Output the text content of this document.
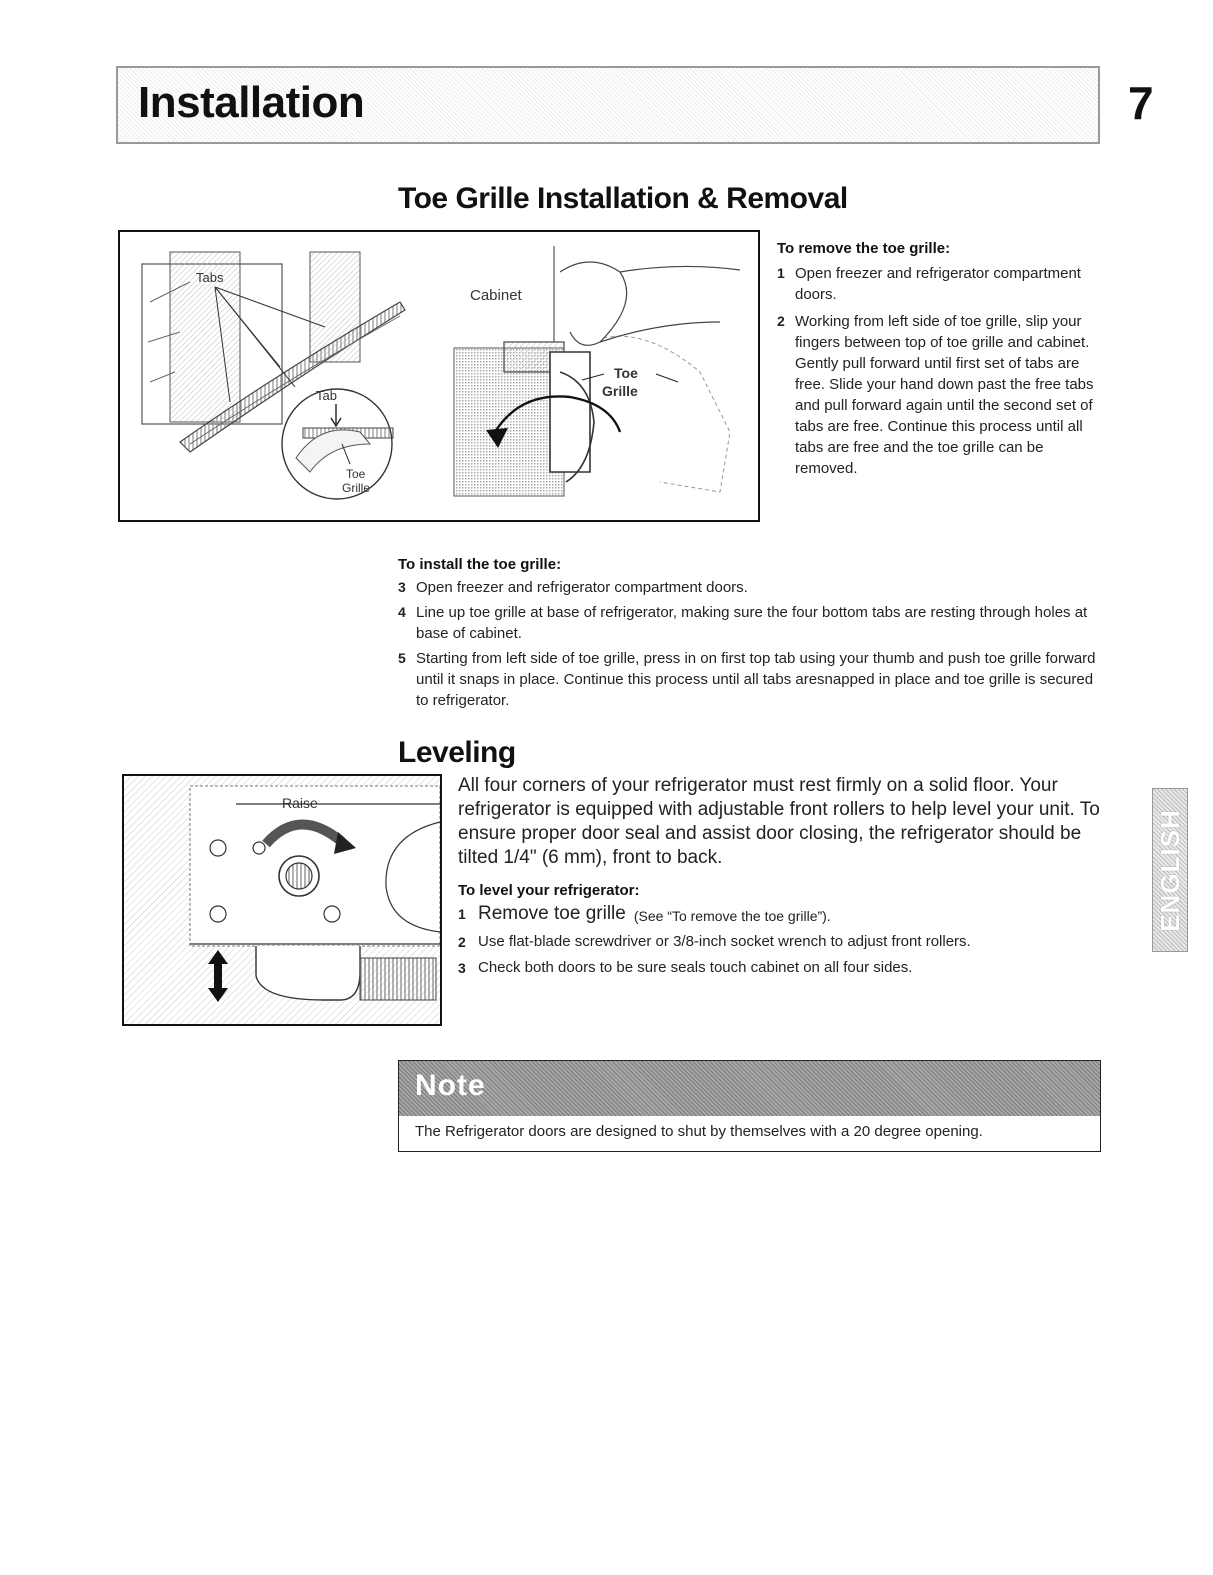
Installation	7
Toe Grille Installation & Removal
Tabs
Tab
Toe
Grille
Cabinet
Toe
Grille
To remove the toe grille:
1 Open freezer and refrigerator compartment doors.
2 Working from left side of toe grille, slip your fingers between top of toe grille and cabinet. Gently pull forward until first set of tabs are free. Slide your hand down past the free tabs and pull forward again until the second set of tabs are free. Continue this process until all tabs are free and the toe grille can be removed.
To install the toe grille:
3 Open freezer and refrigerator compartment doors.
4 Line up toe grille at base of refrigerator, making sure the four bottom tabs are resting through holes at base of cabinet.
5 Starting from left side of toe grille, press in on first top tab using your thumb and push toe grille forward until it snaps in place. Continue this process until all tabs aresnapped in place and toe grille is secured to refrigerator.
Leveling
Raise
All four corners of your refrigerator must rest firmly on a solid floor. Your refrigerator is equipped with adjustable front rollers to help level your unit. To ensure proper door seal and assist door closing, the refrigerator should be tilted 1/4" (6 mm), front to back.
To level your refrigerator:
1 Remove toe grille (See “To remove the toe grille”).
2 Use flat-blade screwdriver or 3/8-inch socket wrench to adjust front rollers.
3 Check both doors to be sure seals touch cabinet on all four sides.
ENGLISH
Note
The Refrigerator doors are designed to shut by themselves with a 20 degree opening.
